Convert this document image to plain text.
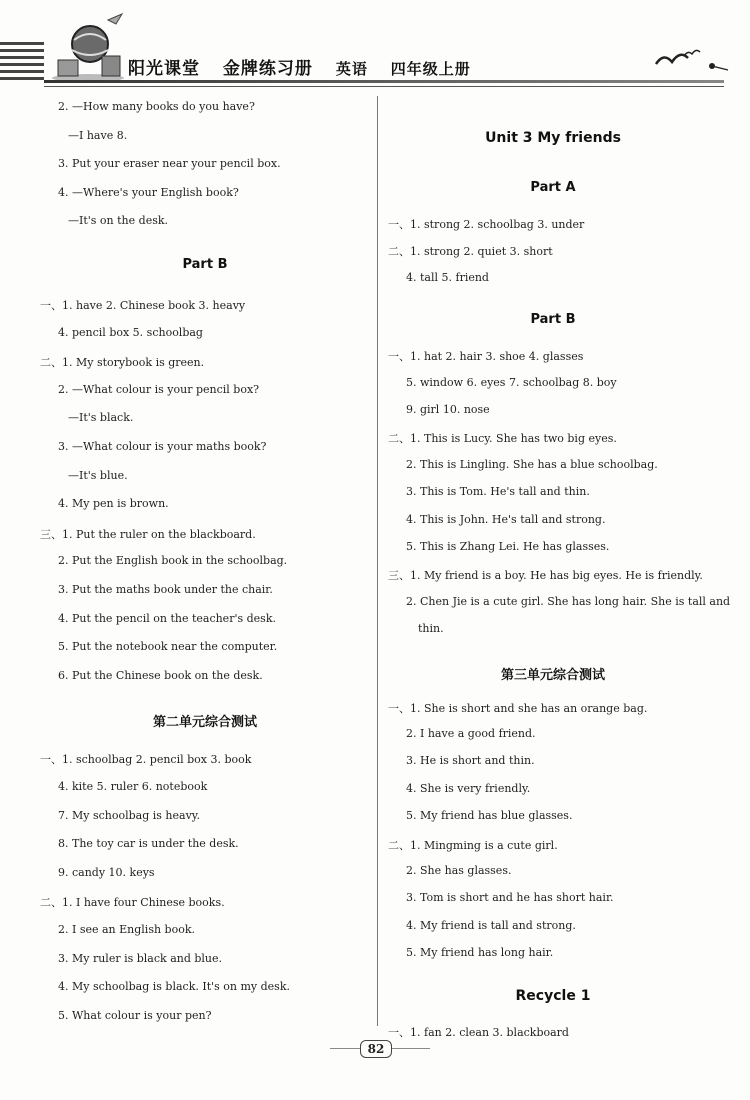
阳光课堂 金牌练习册 英语 四年级上册
2. —How many books do you have?
—I have 8.
3. Put your eraser near your pencil box.
4. —Where's your English book?
—It's on the desk.
Part B
一、1. have 2. Chinese book 3. heavy
4. pencil box 5. schoolbag
二、1. My storybook is green.
2. —What colour is your pencil box?
—It's black.
3. —What colour is your maths book?
—It's blue.
4. My pen is brown.
三、1. Put the ruler on the blackboard.
2. Put the English book in the schoolbag.
3. Put the maths book under the chair.
4. Put the pencil on the teacher's desk.
5. Put the notebook near the computer.
6. Put the Chinese book on the desk.
第二单元综合测试
一、1. schoolbag 2. pencil box 3. book
4. kite 5. ruler 6. notebook
7. My schoolbag is heavy.
8. The toy car is under the desk.
9. candy 10. keys
二、1. I have four Chinese books.
2. I see an English book.
3. My ruler is black and blue.
4. My schoolbag is black. It's on my desk.
5. What colour is your pen?
Unit 3 My friends
Part A
一、1. strong 2. schoolbag 3. under
二、1. strong 2. quiet 3. short
4. tall 5. friend
Part B
一、1. hat 2. hair 3. shoe 4. glasses
5. window 6. eyes 7. schoolbag 8. boy
9. girl 10. nose
二、1. This is Lucy. She has two big eyes.
2. This is Lingling. She has a blue schoolbag.
3. This is Tom. He's tall and thin.
4. This is John. He's tall and strong.
5. This is Zhang Lei. He has glasses.
三、1. My friend is a boy. He has big eyes. He is friendly.
2. Chen Jie is a cute girl. She has long hair. She is tall and
thin.
第三单元综合测试
一、1. She is short and she has an orange bag.
2. I have a good friend.
3. He is short and thin.
4. She is very friendly.
5. My friend has blue glasses.
二、1. Mingming is a cute girl.
2. She has glasses.
3. Tom is short and he has short hair.
4. My friend is tall and strong.
5. My friend has long hair.
Recycle 1
一、1. fan 2. clean 3. blackboard
82
